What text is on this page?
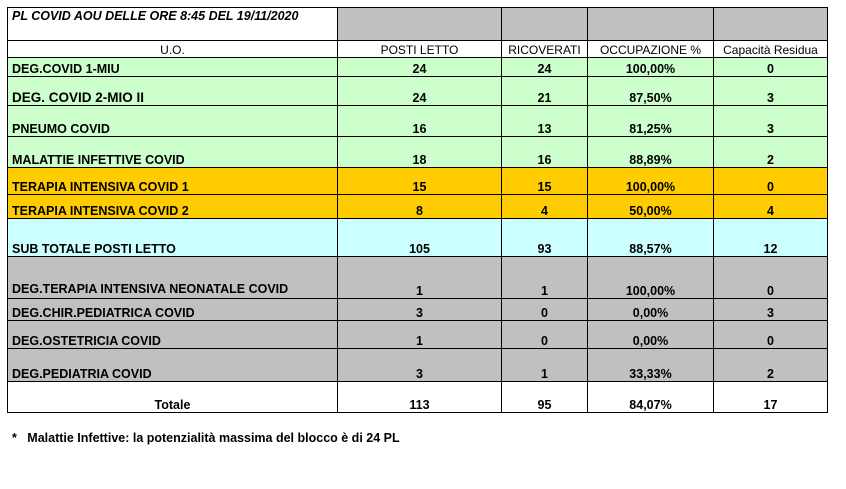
PL COVID AOU DELLE ORE 8:45 DEL 19/11/2020				
U.O.	POSTI LETTO	RICOVERATI	OCCUPAZIONE %	Capacità Residua
DEG.COVID 1-MIU	24	24	100,00%	0
DEG. COVID 2-MIO II	24	21	87,50%	3
PNEUMO COVID	16	13	81,25%	3
MALATTIE INFETTIVE COVID	18	16	88,89%	2
TERAPIA INTENSIVA COVID 1	15	15	100,00%	0
TERAPIA INTENSIVA COVID 2	8	4	50,00%	4
SUB TOTALE POSTI LETTO	105	93	88,57%	12
DEG.TERAPIA INTENSIVA NEONATALE COVID	1	1	100,00%	0
DEG.CHIR.PEDIATRICA COVID	3	0	0,00%	3
DEG.OSTETRICIA COVID	1	0	0,00%	0
DEG.PEDIATRIA COVID	3	1	33,33%	2
Totale	113	95	84,07%	17
*   Malattie Infettive: la potenzialità massima del blocco è di 24 PL
